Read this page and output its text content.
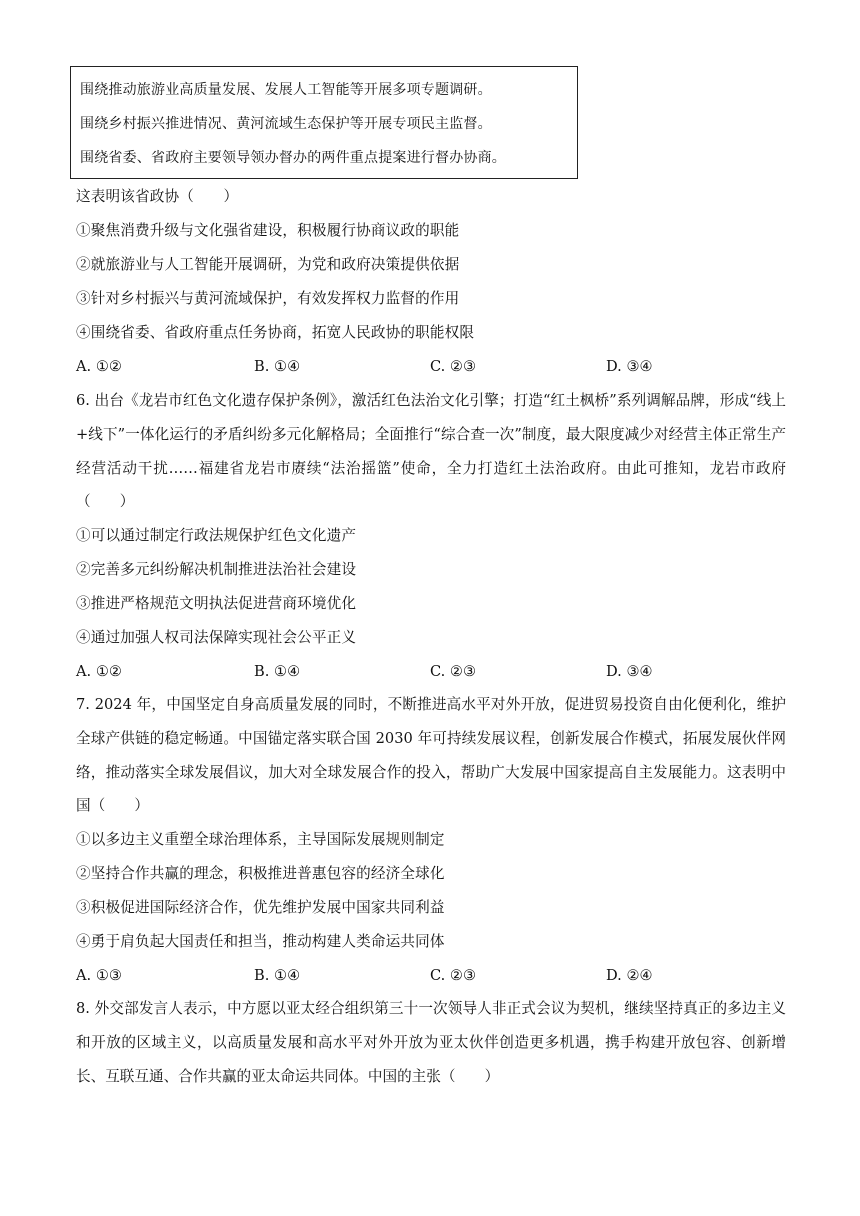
围绕推动旅游业高质量发展、发展人工智能等开展多项专题调研。
围绕乡村振兴推进情况、黄河流域生态保护等开展专项民主监督。
围绕省委、省政府主要领导领办督办的两件重点提案进行督办协商。
这表明该省政协（　　）
①聚焦消费升级与文化强省建设，积极履行协商议政的职能
②就旅游业与人工智能开展调研，为党和政府决策提供依据
③针对乡村振兴与黄河流域保护，有效发挥权力监督的作用
④围绕省委、省政府重点任务协商，拓宽人民政协的职能权限
A. ①②	B. ①④	C. ②③	D. ③④
6. 出台《龙岩市红色文化遗存保护条例》，激活红色法治文化引擎；打造“红土枫桥”系列调解品牌，形成“线上+线下”一体化运行的矛盾纠纷多元化解格局；全面推行“综合查一次”制度，最大限度减少对经营主体正常生产经营活动干扰……福建省龙岩市赓续“法治摇篮”使命，全力打造红土法治政府。由此可推知，龙岩市政府（　　）
①可以通过制定行政法规保护红色文化遗产
②完善多元纠纷解决机制推进法治社会建设
③推进严格规范文明执法促进营商环境优化
④通过加强人权司法保障实现社会公平正义
A. ①②	B. ①④	C. ②③	D. ③④
7. 2024 年，中国坚定自身高质量发展的同时，不断推进高水平对外开放，促进贸易投资自由化便利化，维护全球产供链的稳定畅通。中国锚定落实联合国 2030 年可持续发展议程，创新发展合作模式，拓展发展伙伴网络，推动落实全球发展倡议，加大对全球发展合作的投入，帮助广大发展中国家提高自主发展能力。这表明中国（　　）
①以多边主义重塑全球治理体系，主导国际发展规则制定
②坚持合作共赢的理念，积极推进普惠包容的经济全球化
③积极促进国际经济合作，优先维护发展中国家共同利益
④勇于肩负起大国责任和担当，推动构建人类命运共同体
A. ①③	B. ①④	C. ②③	D. ②④
8. 外交部发言人表示，中方愿以亚太经合组织第三十一次领导人非正式会议为契机，继续坚持真正的多边主义和开放的区域主义，以高质量发展和高水平对外开放为亚太伙伴创造更多机遇，携手构建开放包容、创新增长、互联互通、合作共赢的亚太命运共同体。中国的主张（　　）
